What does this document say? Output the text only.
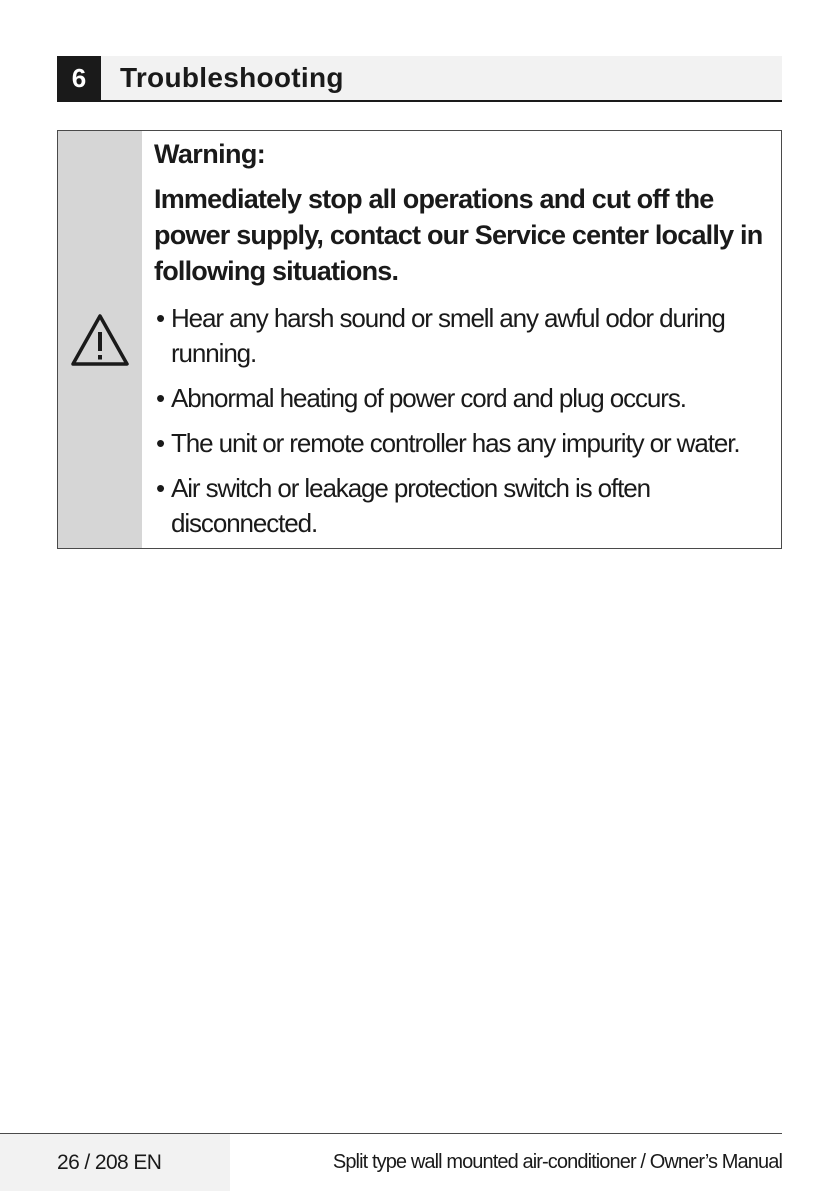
6	Troubleshooting
Warning:
Immediately stop all operations and cut off the power supply, contact our Service center locally in following situations.
• Hear any harsh sound or smell any awful odor during running.
• Abnormal heating of power cord and plug occurs.
• The unit or remote controller has any impurity or water.
• Air switch or leakage protection switch is often disconnected.
26 / 208 EN	Split type wall mounted air-conditioner / Owner’s Manual
